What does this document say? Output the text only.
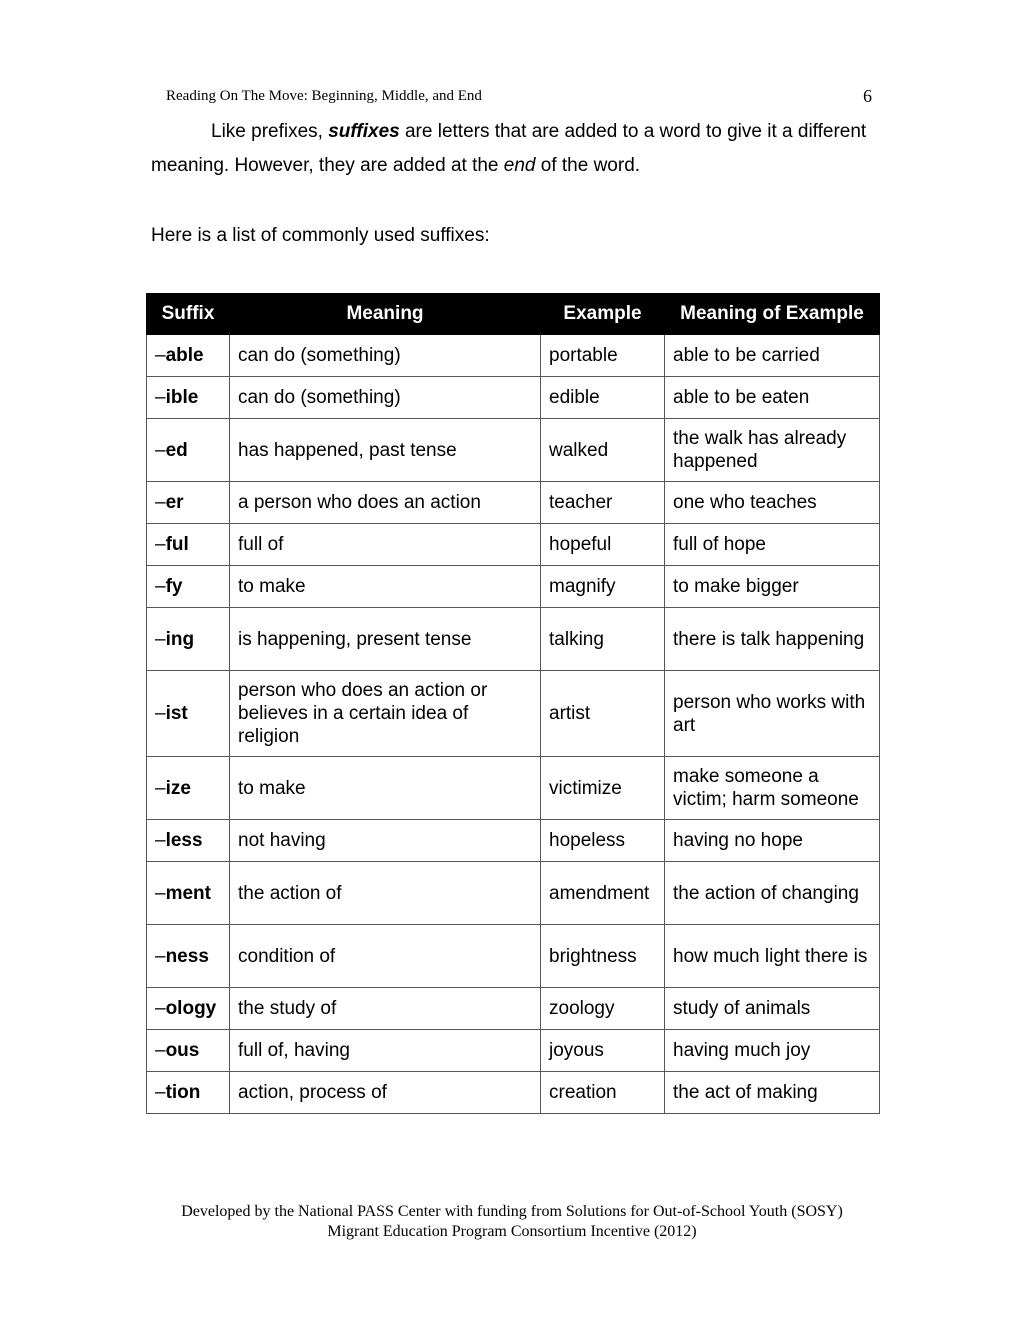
Reading On The Move: Beginning, Middle, and End	6
Like prefixes, suffixes are letters that are added to a word to give it a different meaning. However, they are added at the end of the word.
Here is a list of commonly used suffixes:
Suffix	Meaning	Example	Meaning of Example
–able	can do (something)	portable	able to be carried
–ible	can do (something)	edible	able to be eaten
–ed	has happened, past tense	walked	the walk has already happened
–er	a person who does an action	teacher	one who teaches
–ful	full of	hopeful	full of hope
–fy	to make	magnify	to make bigger
–ing	is happening, present tense	talking	there is talk happening
–ist	person who does an action or believes in a certain idea of religion	artist	person who works with art
–ize	to make	victimize	make someone a victim; harm someone
–less	not having	hopeless	having no hope
–ment	the action of	amendment	the action of changing
–ness	condition of	brightness	how much light there is
–ology	the study of	zoology	study of animals
–ous	full of, having	joyous	having much joy
–tion	action, process of	creation	the act of making
Developed by the National PASS Center with funding from Solutions for Out-of-School Youth (SOSY)
Migrant Education Program Consortium Incentive (2012)
